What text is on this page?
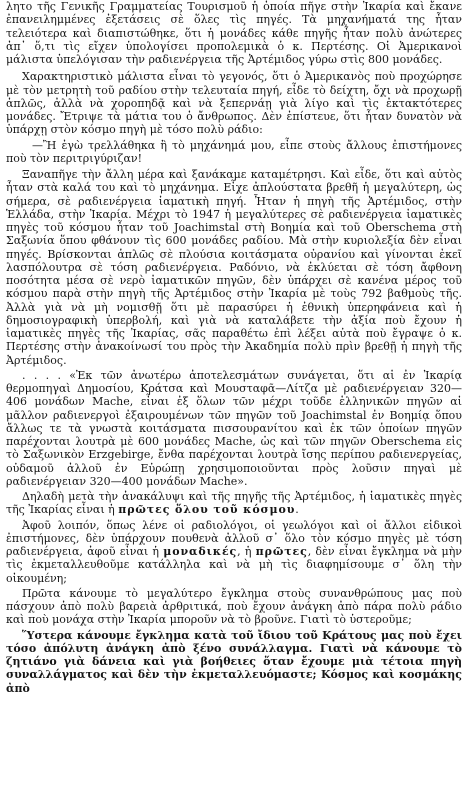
λητο τῆς Γενικῆς Γραμματείας Τουρισμοῦ ἡ ὁποία πῆγε στὴν Ἰκαρία καὶ ἔκανε ἐπανειλημμένες ἐξετάσεις σὲ ὅλες τὶς πηγές. Τὰ μηχανήματά της ἦταν τελειότερα καὶ διαπιστώθηκε, ὅτι ἡ μονάδες κάθε πηγῆς ἦταν πολὺ ἀνώτερες ἀπ᾽ ὅ,τι τὶς εἴχεν ὑπολογίσει προπολεμικὰ ὁ κ. Περτέσης. Οἱ Ἀμερικανοὶ μάλιστα ὑπελόγισαν τὴν ραδιενέργεια τῆς Ἀρτέμιδος γύρω στὶς 800 μονάδες.

Χαρακτηριστικὸ μάλιστα εἶναι τὸ γεγονός, ὅτι ὁ Ἀμερικανὸς ποὺ προχώρησε μὲ τὸν μετρητὴ τοῦ ραδίου στὴν τελευταία πηγή, εἶδε τὸ δείχτη, ὄχι νὰ προχωρῇ ἁπλῶς, ἀλλὰ νὰ χοροπηδᾷ καὶ νὰ ξεπερνάῃ γιὰ λίγο καὶ τὶς ἐκτακτότερες μονάδες. Ἔτριψε τὰ μάτια του ὁ ἄνθρωπος. Δὲν ἐπίστευε, ὅτι ἦταν δυνατὸν νὰ ὑπάρχῃ στὸν κόσμο πηγὴ μὲ τόσο πολὺ ράδιο:

—Ἢ ἐγὼ τρελλάθηκα ἢ τὸ μηχάνημά μου, εἶπε στοὺς ἄλλους ἐπιστήμονες ποὺ τὸν περιτριγύριζαν!

Ξαναπῆγε τὴν ἄλλη μέρα καὶ ξανάκαμε καταμέτρησι. Καὶ εἶδε, ὅτι καὶ αὐτὸς ἦταν στὰ καλά του καὶ τὸ μηχάνημα. Εἶχε ἀπλούστατα βρεθῆ ἡ μεγαλύτερη, ὡς σήμερα, σὲ ραδιενέργεια ἰαματικὴ πηγή. Ἦταν ἡ πηγὴ τῆς Ἀρτέμιδος, στὴν Ἑλλάδα, στὴν Ἰκαρία. Μέχρι τὸ 1947 ἡ μεγαλύτερες σὲ ραδιενέργεια ἰαματικὲς πηγὲς τοῦ κόσμου ἦταν τοῦ Joachimstal στὴ Βοημία καὶ τοῦ Oberschema στὴ Σαξωνία ὅπου φθάνουν τὶς 600 μονάδες ραδίου. Μὰ στὴν κυριολεξία δὲν εἶναι πηγές. Βρίσκονται ἁπλῶς σὲ πλούσια κοιτάσματα οὐρανίου καὶ γίνονται ἐκεῖ λασπόλουτρα σὲ τόση ραδιενέργεια. Ραδόνιο, νὰ ἐκλύεται σὲ τόση ἄφθονη ποσότητα μέσα σὲ νερὸ ἰαματικῶν πηγῶν, δὲν ὑπάρχει σὲ κανένα μέρος τοῦ κόσμου παρὰ στὴν πηγὴ τῆς Ἀρτέμιδος στὴν Ἰκαρία μὲ τοὺς 792 βαθμοὺς τῆς. Ἀλλὰ γιὰ νὰ μὴ νομισθῇ ὅτι μὲ παρασύρει ἡ ἐθνικὴ ὑπερηφάνεια καὶ ἡ δημοσιογραφικὴ ὑπερβολή, καὶ γιὰ νὰ καταλάβετε τὴν ἀξία ποὺ ἔχουν ἡ ἰαματικὲς πηγὲς τῆς Ἰκαρίας, σᾶς παραθέτω ἐπὶ λέξει αὐτὰ ποὺ ἔγραψε ὁ κ. Περτέσης στὴν ἀνακοίνωσί του πρὸς τὴν Ἀκαδημία πολὺ πρὶν βρεθῇ ἡ πηγὴ τῆς Ἀρτέμιδος.

. . . . «Ἐκ τῶν ἀνωτέρω ἀποτελεσμάτων συνάγεται, ὅτι αἱ ἐν Ἰκαρίᾳ θερμοπηγαὶ Δημοσίου, Κράτσα καὶ Μουσταφᾶ—Λίτζα μὲ ραδιενέργειαν 320—406 μονάδων Mache, εἶναι ἐξ ὅλων τῶν μέχρι τοῦδε ἑλληνικῶν πηγῶν αἱ μᾶλλον ραδιενεργοὶ ἐξαιρουμένων τῶν πηγῶν τοῦ Joachimstal ἐν Βοημίᾳ ὅπου ἄλλως τε τὰ γνωστὰ κοιτάσματα πισσουρανίτου καὶ ἐκ τῶν ὁποίων πηγῶν παρέχονται λουτρὰ μὲ 600 μονάδες Mache, ὡς καὶ τῶν πηγῶν Oberschema εἰς τὸ Σαξωνικὸν Erzgebirge, ἔνθα παρέχονται λουτρὰ ἴσης περίπου ραδιενεργείας, οὐδαμοῦ ἀλλοῦ ἐν Εὐρώπῃ χρησιμοποιοῦνται πρὸς λοῦσιν πηγαὶ μὲ ραδιενέργειαν 320—400 μονάδων Mache».

Δηλαδὴ μετὰ τὴν ἀνακάλυψι καὶ τῆς πηγῆς τῆς Ἀρτέμιδος, ἡ ἰαματικὲς πηγὲς τῆς Ἰκαρίας εἶναι ἡ πρῶτες ὅλου τοῦ κόσμου.

Ἀφοῦ λοιπόν, ὅπως λένε οἱ ραδιολόγοι, οἱ γεωλόγοι καὶ οἱ ἄλλοι εἰδικοὶ ἐπιστήμονες, δὲν ὑπάρχουν πουθενὰ ἀλλοῦ σ᾽ ὅλο τὸν κόσμο πηγὲς μὲ τόση ραδιενέργεια, ἀφοῦ εἶναι ἡ μοναδικές, ἡ πρῶτες, δὲν εἶναι ἔγκλημα νὰ μὴν τὶς ἐκμεταλλευθοῦμε κατάλληλα καὶ νὰ μὴ τὶς διαφημίσουμε σ᾽ ὅλη τὴν οἰκουμένη;

Πρῶτα κάνουμε τὸ μεγαλύτερο ἔγκλημα στοὺς συνανθρώπους μας ποὺ πάσχουν ἀπὸ πολὺ βαρειὰ ἀρθριτικά, ποὺ ἔχουν ἀνάγκη ἀπὸ πάρα πολὺ ράδιο καὶ ποὺ μονάχα στὴν Ἰκαρία μποροῦν νὰ τὸ βροῦνε. Γιατὶ τὸ ὑστεροῦμε;

Ὕστερα κάνουμε ἔγκλημα κατὰ τοῦ ἴδιου τοῦ Κράτους μας ποὺ ἔχει τόσο ἀπόλυτη ἀνάγκη ἀπὸ ξένο συνάλλαγμα. Γιατὶ νὰ κάνουμε τὸ ζητιάνο γιὰ δάνεια καὶ γιὰ βοήθειες ὅταν ἔχουμε μιὰ τέτοια πηγὴ συναλλάγματος καὶ δὲν τὴν ἐκμεταλλευόμαστε; Κόσμος καὶ κοσμάκης ἀπὸ
